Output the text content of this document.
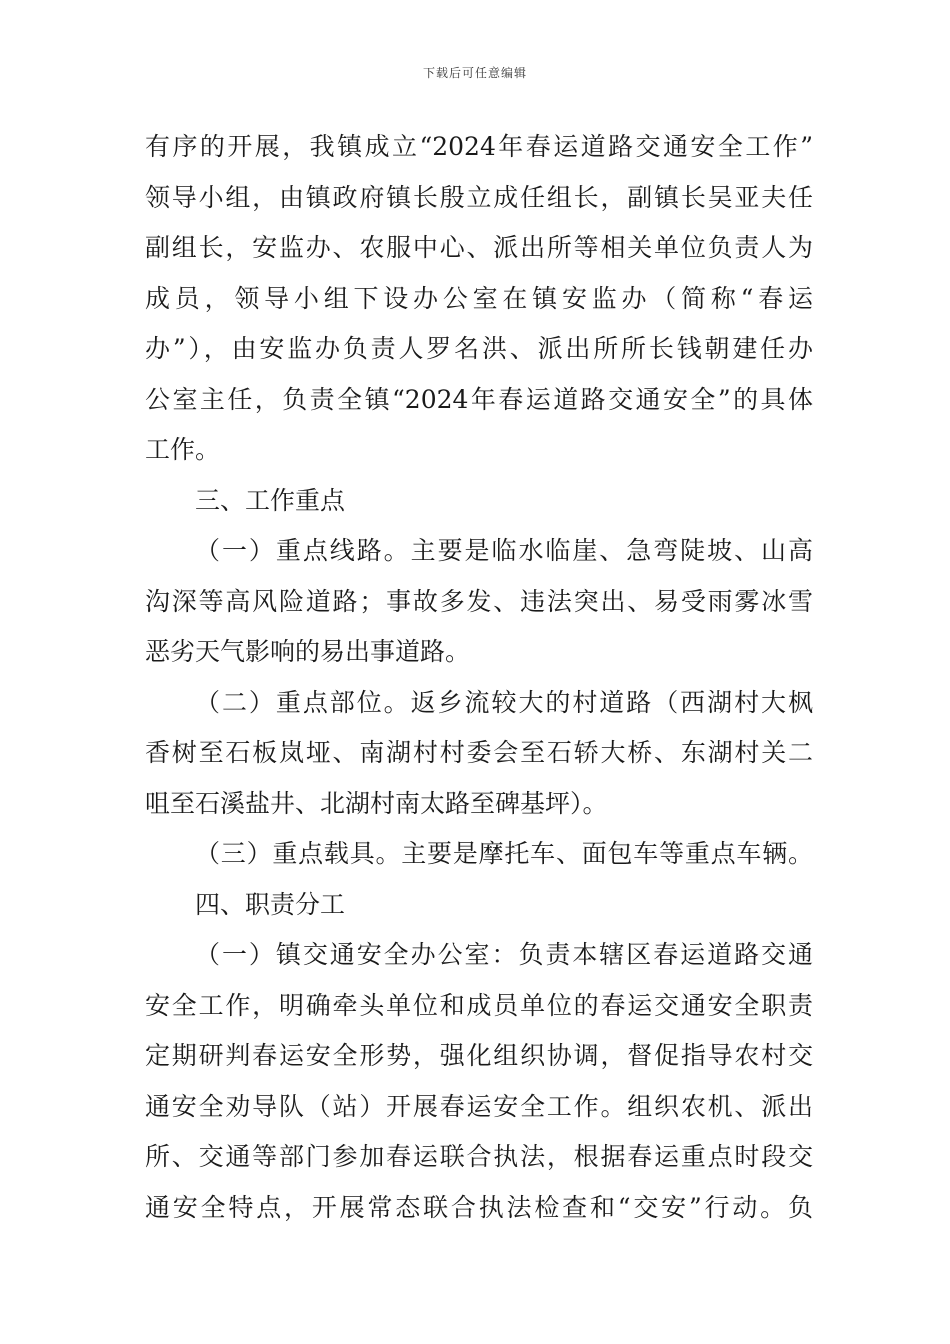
下载后可任意编辑
有序的开展，我镇成立“2024年春运道路交通安全工作”
领导小组，由镇政府镇长殷立成任组长，副镇长吴亚夫任
副组长，安监办、农服中心、派出所等相关单位负责人为
成员，领导小组下设办公室在镇安监办（简称“春运
办”），由安监办负责人罗名洪、派出所所长钱朝建任办
公室主任，负责全镇“2024年春运道路交通安全”的具体
工作。
三、工作重点
（一）重点线路。主要是临水临崖、急弯陡坡、山高
沟深等高风险道路；事故多发、违法突出、易受雨雾冰雪
恶劣天气影响的易出事道路。
（二）重点部位。返乡流较大的村道路（西湖村大枫
香树至石板岚垭、南湖村村委会至石轿大桥、东湖村关二
咀至石溪盐井、北湖村南太路至碑基坪）。
（三）重点载具。主要是摩托车、面包车等重点车辆。
四、职责分工
（一）镇交通安全办公室：负责本辖区春运道路交通
安全工作，明确牵头单位和成员单位的春运交通安全职责
定期研判春运安全形势，强化组织协调，督促指导农村交
通安全劝导队（站）开展春运安全工作。组织农机、派出
所、交通等部门参加春运联合执法，根据春运重点时段交
通安全特点，开展常态联合执法检查和“交安”行动。负
